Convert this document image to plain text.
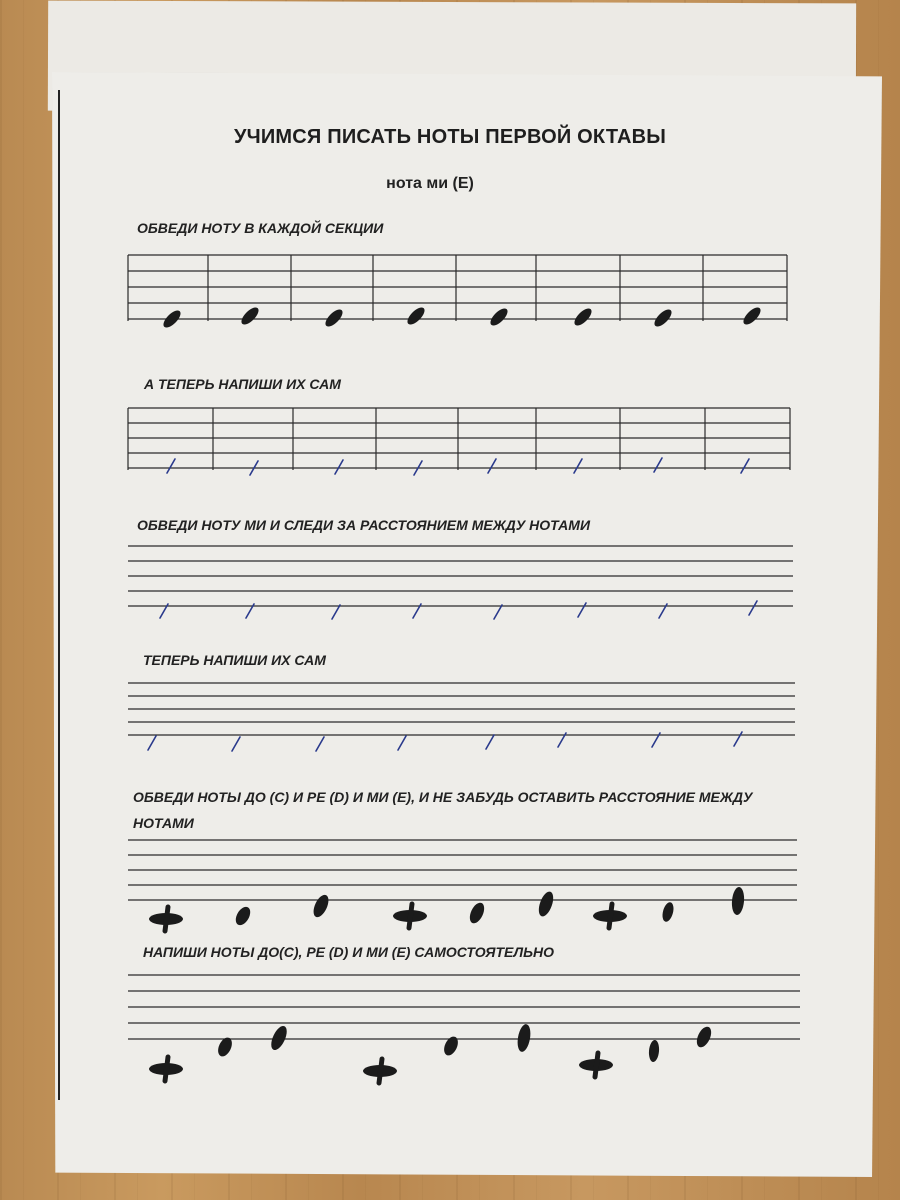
УЧИМСЯ ПИСАТЬ НОТЫ ПЕРВОЙ ОКТАВЫ
нота ми (Е)
ОБВЕДИ НОТУ В КАЖДОЙ СЕКЦИИ
А ТЕПЕРЬ НАПИШИ ИХ САМ
ОБВЕДИ НОТУ МИ И СЛЕДИ ЗА РАССТОЯНИЕМ МЕЖДУ НОТАМИ
ТЕПЕРЬ НАПИШИ ИХ САМ
ОБВЕДИ НОТЫ ДО (С) И РЕ (D) И МИ (Е), И НЕ ЗАБУДЬ ОСТАВИТЬ РАССТОЯНИЕ МЕЖДУ НОТАМИ
НАПИШИ НОТЫ ДО(С), РЕ (D) И МИ (Е) САМОСТОЯТЕЛЬНО
